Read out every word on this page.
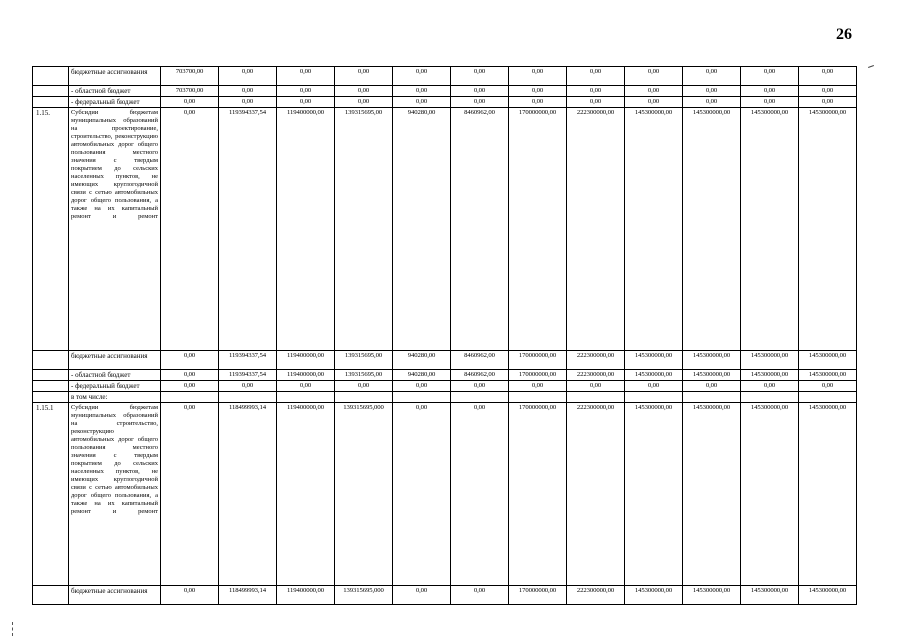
26
	бюджетные ассигнования	703700,00	0,00	0,00	0,00	0,00	0,00	0,00	0,00	0,00	0,00	0,00	0,00
	- областной бюджет	703700,00	0,00	0,00	0,00	0,00	0,00	0,00	0,00	0,00	0,00	0,00	0,00
	- федеральный бюджет	0,00	0,00	0,00	0,00	0,00	0,00	0,00	0,00	0,00	0,00	0,00	0,00
1.15.	Субсидии бюджетам муниципальных образований на проектирование, строительство, реконструкцию автомобильных дорог общего пользования местного значения с твердым покрытием до сельских населенных пунктов, не имеющих круглогодичной связи с сетью автомобильных дорог общего пользования, а также на их капитальный ремонт и ремонт	0,00	119394337,54	119400000,00	139315695,00	940280,00	8460962,00	170000000,00	222300000,00	145300000,00	145300000,00	145300000,00	145300000,00
	бюджетные ассигнования	0,00	119394337,54	119400000,00	139315695,00	940280,00	8460962,00	170000000,00	222300000,00	145300000,00	145300000,00	145300000,00	145300000,00
	- областной бюджет	0,00	119394337,54	119400000,00	139315695,00	940280,00	8460962,00	170000000,00	222300000,00	145300000,00	145300000,00	145300000,00	145300000,00
	- федеральный бюджет	0,00	0,00	0,00	0,00	0,00	0,00	0,00	0,00	0,00	0,00	0,00	0,00
	в том числе:												
1.15.1	Субсидии бюджетам муниципальных образований на строительство, реконструкцию автомобильных дорог общего пользования местного значения с твердым покрытием до сельских населенных пунктов, не имеющих круглогодичной связи с сетью автомобильных дорог общего пользования, а также на их капитальный ремонт и ремонт	0,00	118499993,14	119400000,00	139315695,000	0,00	0,00	170000000,00	222300000,00	145300000,00	145300000,00	145300000,00	145300000,00
	бюджетные ассигнования	0,00	118499993,14	119400000,00	139315695,000	0,00	0,00	170000000,00	222300000,00	145300000,00	145300000,00	145300000,00	145300000,00
